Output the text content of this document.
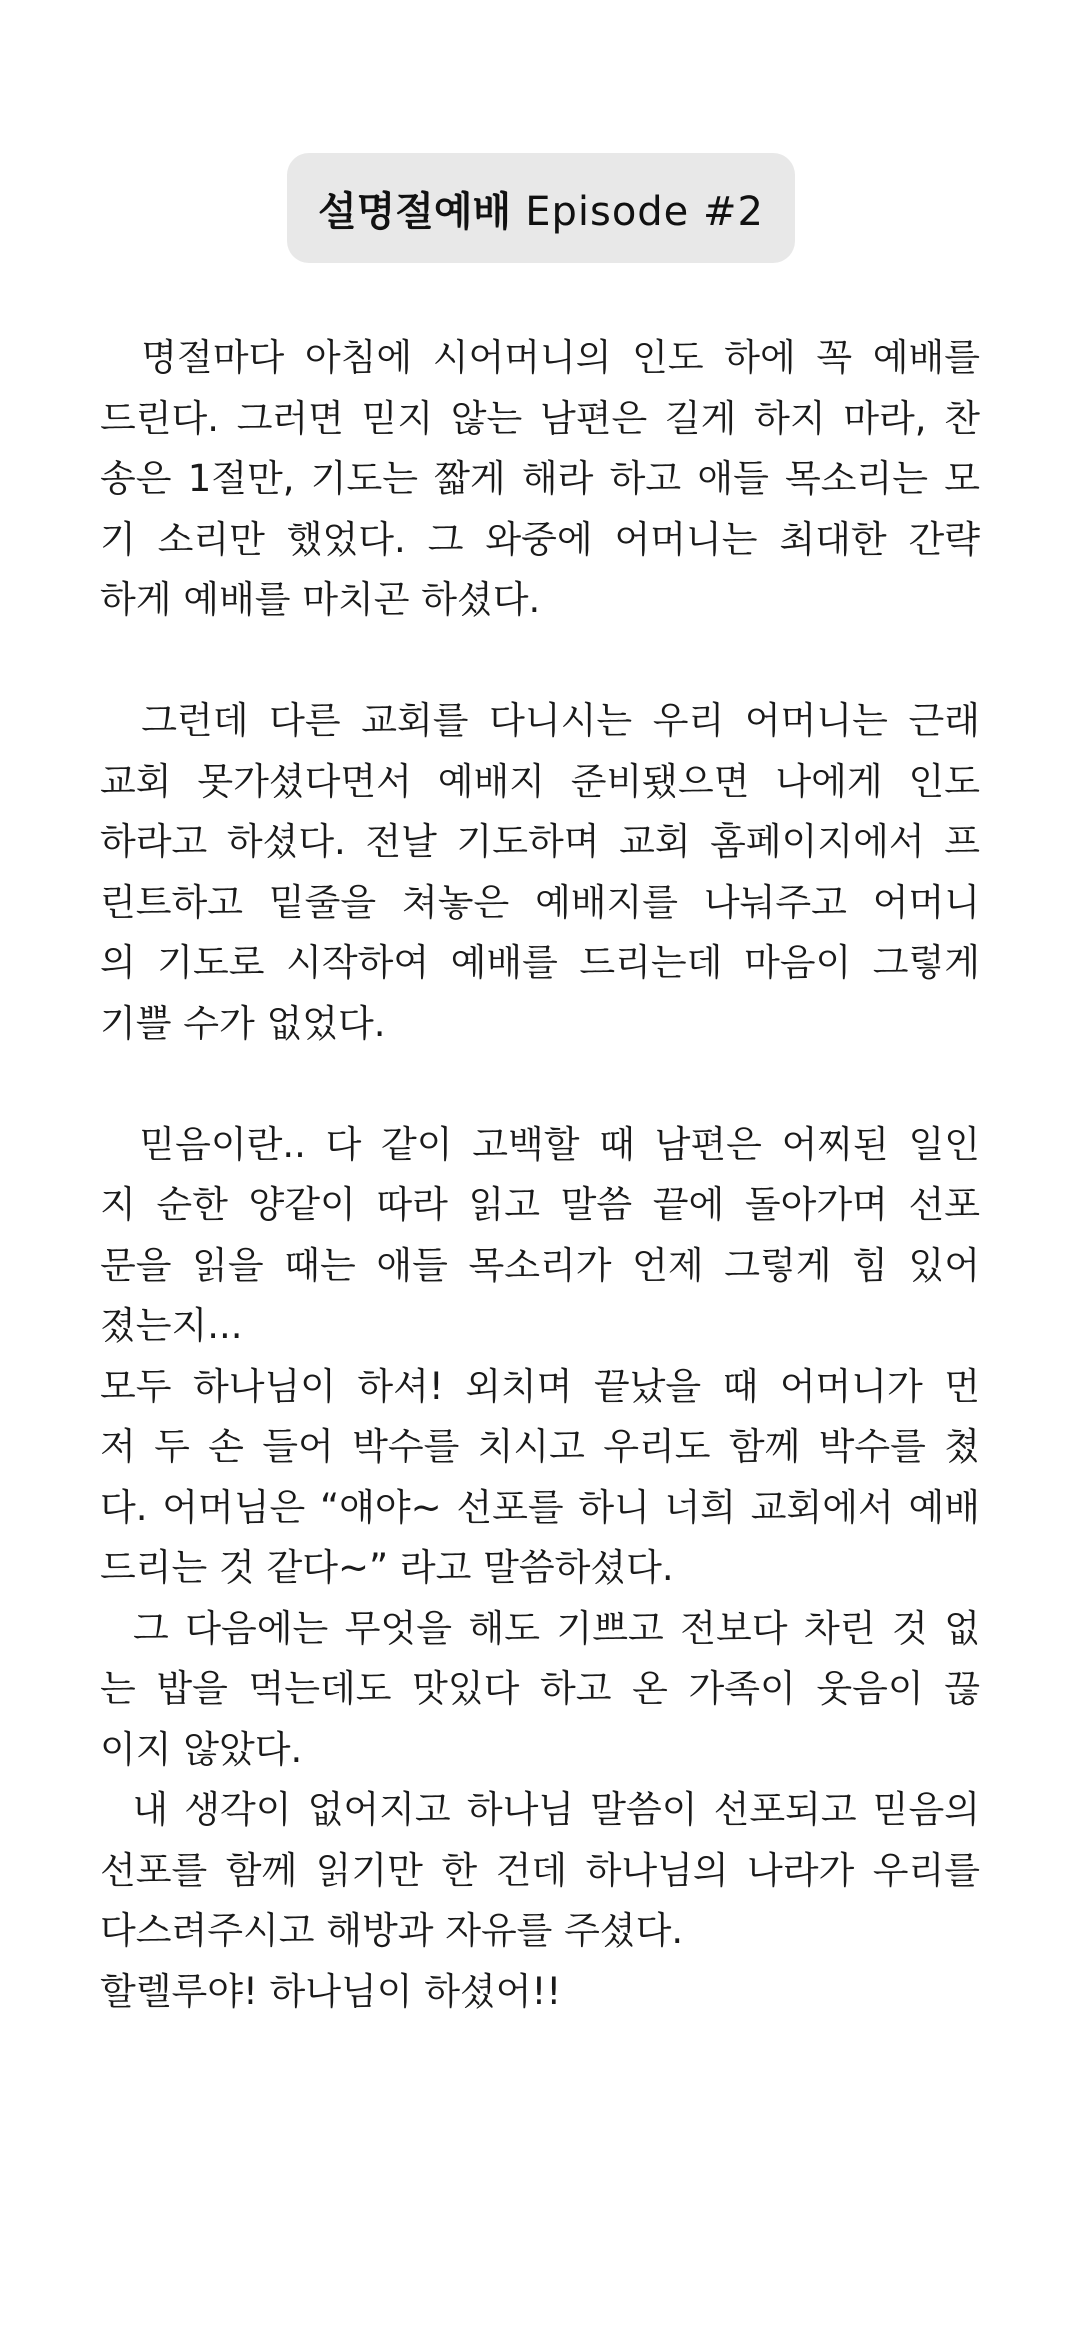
설명절예배 Episode #2
명절마다 아침에 시어머니의 인도 하에 꼭 예배를
드린다. 그러면 믿지 않는 남편은 길게 하지 마라, 찬
송은 1절만, 기도는 짧게 해라 하고 애들 목소리는 모
기 소리만 했었다. 그 와중에 어머니는 최대한 간략
하게 예배를 마치곤 하셨다.
그런데 다른 교회를 다니시는 우리 어머니는 근래
교회 못가셨다면서 예배지 준비됐으면 나에게 인도
하라고 하셨다. 전날 기도하며 교회 홈페이지에서 프
린트하고 밑줄을 쳐놓은 예배지를 나눠주고 어머니
의 기도로 시작하여 예배를 드리는데 마음이 그렇게
기쁠 수가 없었다.
믿음이란.. 다 같이 고백할 때 남편은 어찌된 일인
지 순한 양같이 따라 읽고 말씀 끝에 돌아가며 선포
문을 읽을 때는 애들 목소리가 언제 그렇게 힘 있어
졌는지...
모두 하나님이 하셔! 외치며 끝났을 때 어머니가 먼
저 두 손 들어 박수를 치시고 우리도 함께 박수를 쳤
다. 어머님은 “얘야~ 선포를 하니 너희 교회에서 예배
드리는 것 같다~” 라고 말씀하셨다.
그 다음에는 무엇을 해도 기쁘고 전보다 차린 것 없
는 밥을 먹는데도 맛있다 하고 온 가족이 웃음이 끊
이지 않았다.
내 생각이 없어지고 하나님 말씀이 선포되고 믿음의
선포를 함께 읽기만 한 건데 하나님의 나라가 우리를
다스려주시고 해방과 자유를 주셨다.
할렐루야! 하나님이 하셨어!!
